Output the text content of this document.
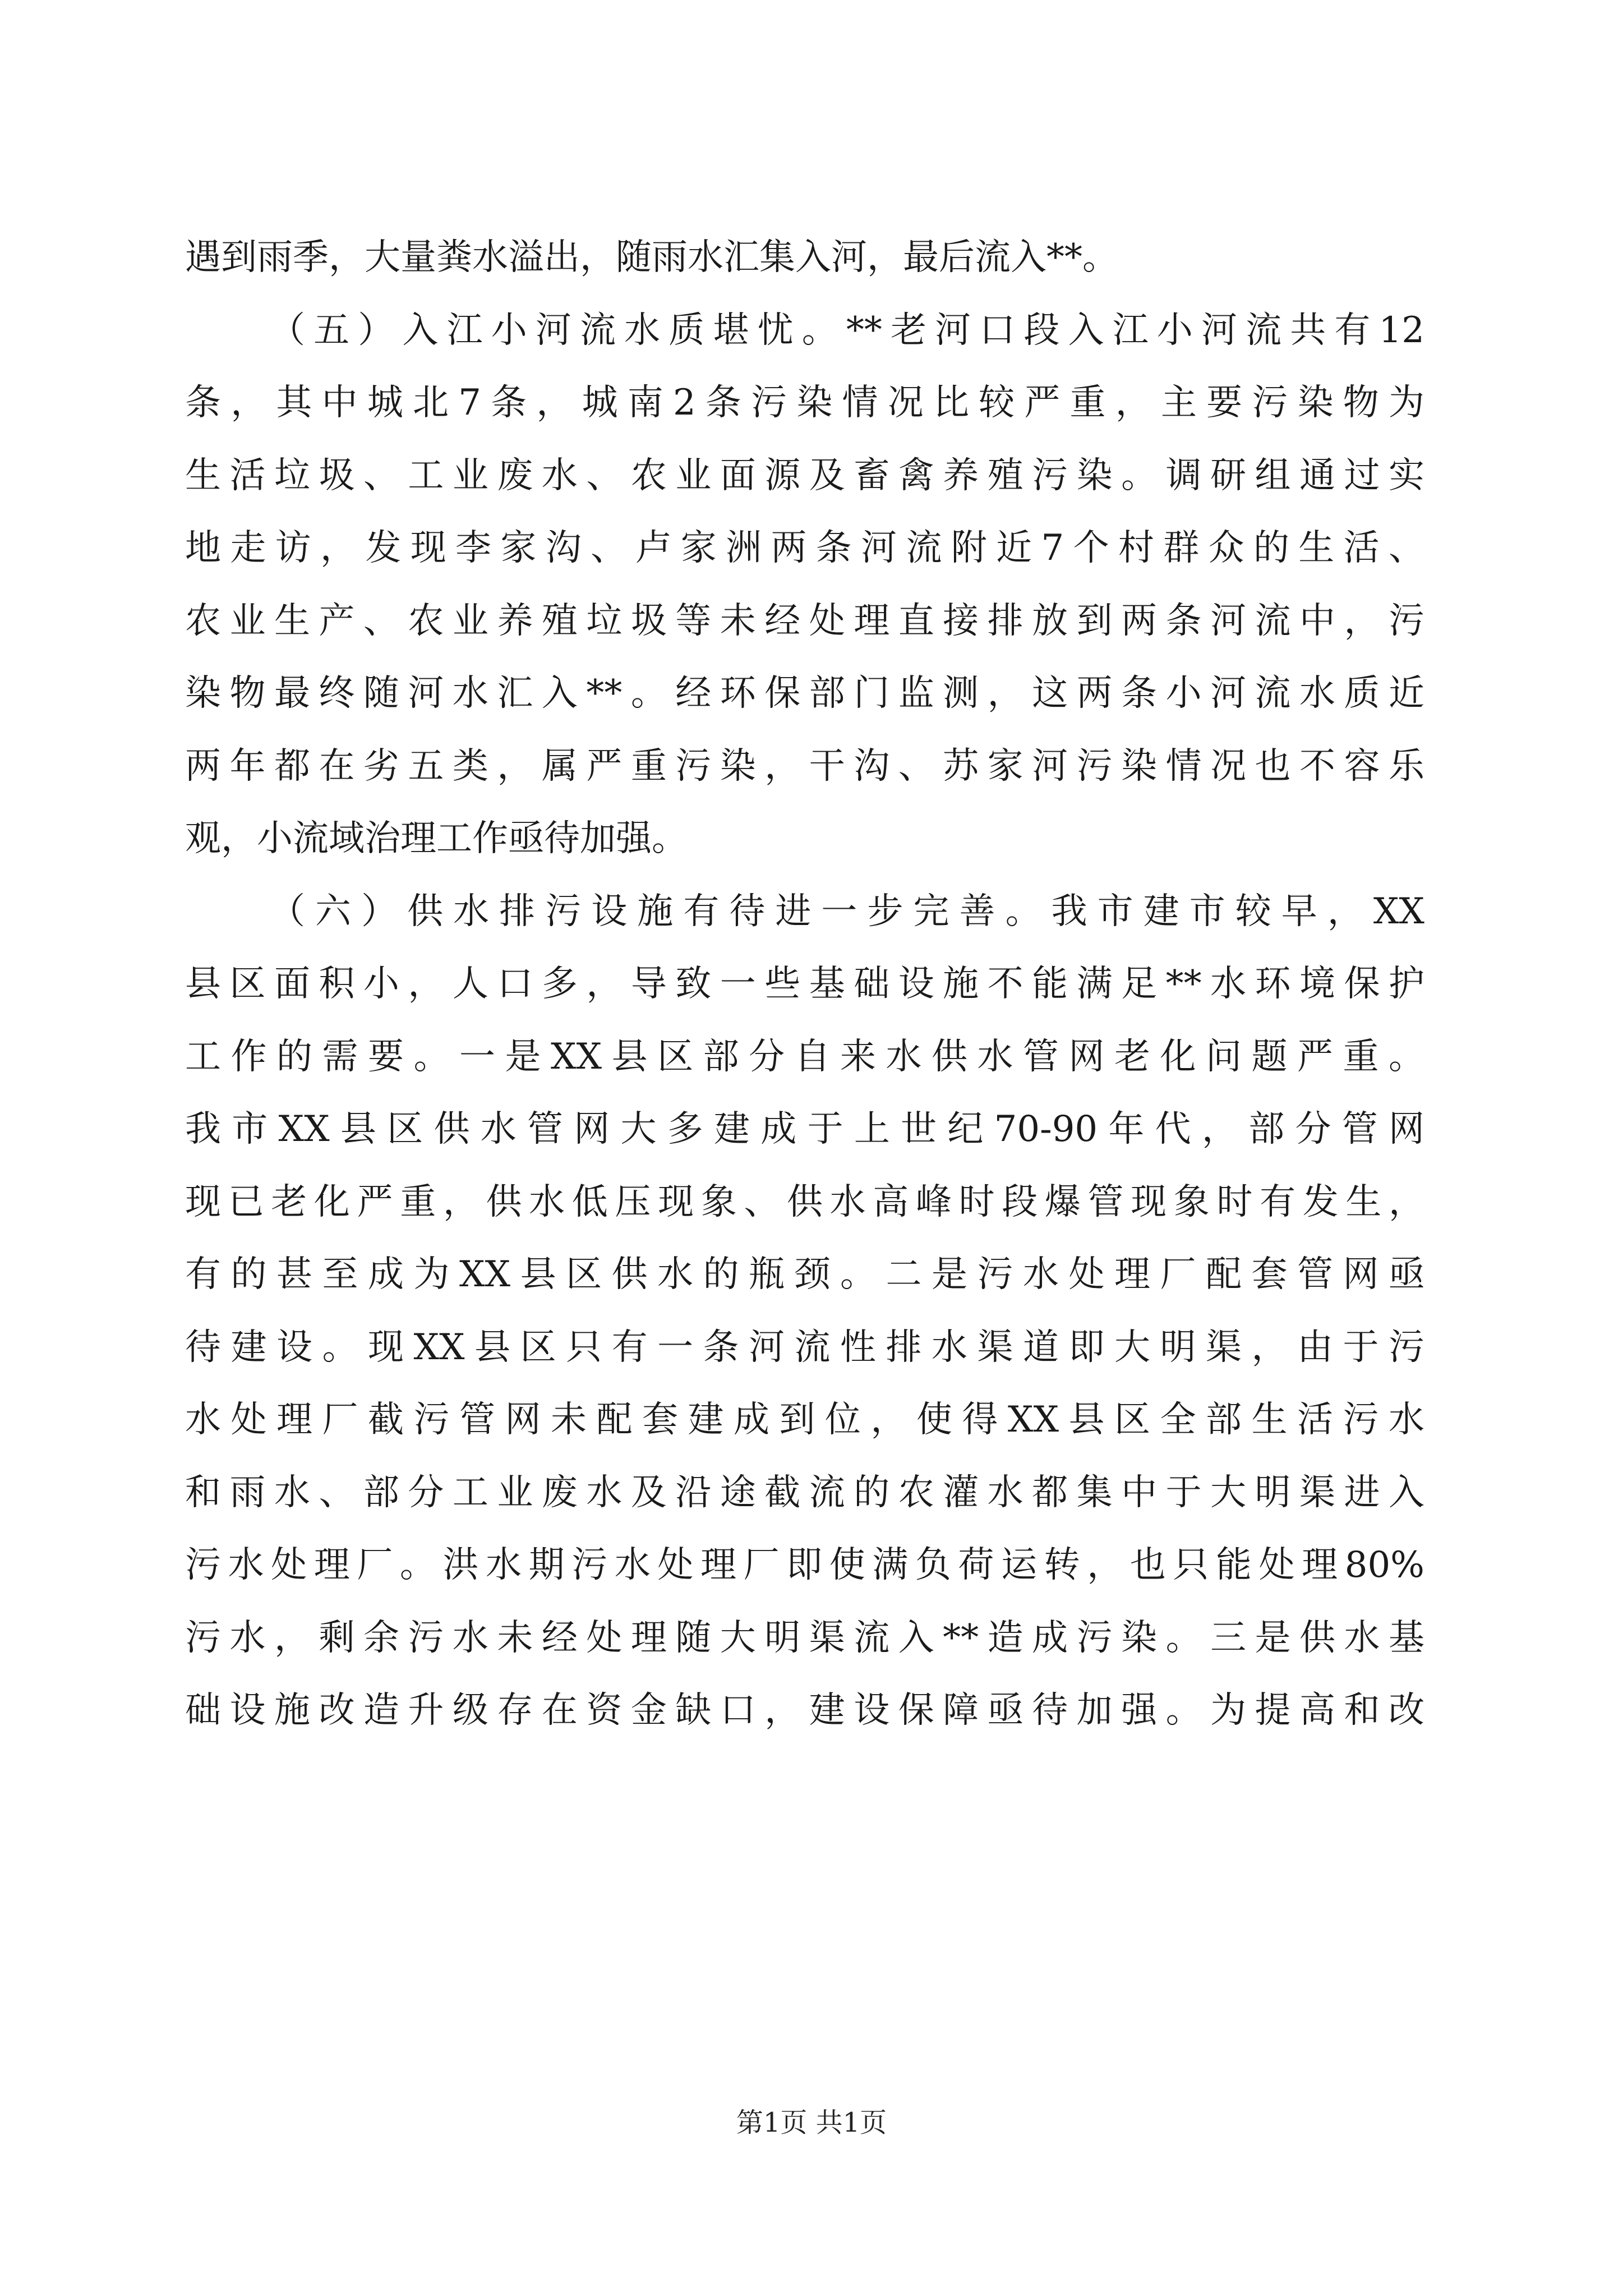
遇到雨季，大量粪水溢出，随雨水汇集入河，最后流入**。
（五）入江小河流水质堪忧。**老河口段入江小河流共有12
条，其中城北7条，城南2条污染情况比较严重，主要污染物为
生活垃圾、工业废水、农业面源及畜禽养殖污染。调研组通过实
地走访，发现李家沟、卢家洲两条河流附近7个村群众的生活、
农业生产、农业养殖垃圾等未经处理直接排放到两条河流中，污
染物最终随河水汇入**。经环保部门监测，这两条小河流水质近
两年都在劣五类，属严重污染，干沟、苏家河污染情况也不容乐
观，小流域治理工作亟待加强。
（六）供水排污设施有待进一步完善。我市建市较早，XX
县区面积小，人口多，导致一些基础设施不能满足**水环境保护
工作的需要。一是XX县区部分自来水供水管网老化问题严重。
我市XX县区供水管网大多建成于上世纪70-90年代，部分管网
现已老化严重，供水低压现象、供水高峰时段爆管现象时有发生，
有的甚至成为XX县区供水的瓶颈。二是污水处理厂配套管网亟
待建设。现XX县区只有一条河流性排水渠道即大明渠，由于污
水处理厂截污管网未配套建成到位，使得XX县区全部生活污水
和雨水、部分工业废水及沿途截流的农灌水都集中于大明渠进入
污水处理厂。洪水期污水处理厂即使满负荷运转，也只能处理80%
污水，剩余污水未经处理随大明渠流入**造成污染。三是供水基
础设施改造升级存在资金缺口，建设保障亟待加强。为提高和改
第1页 共1页
